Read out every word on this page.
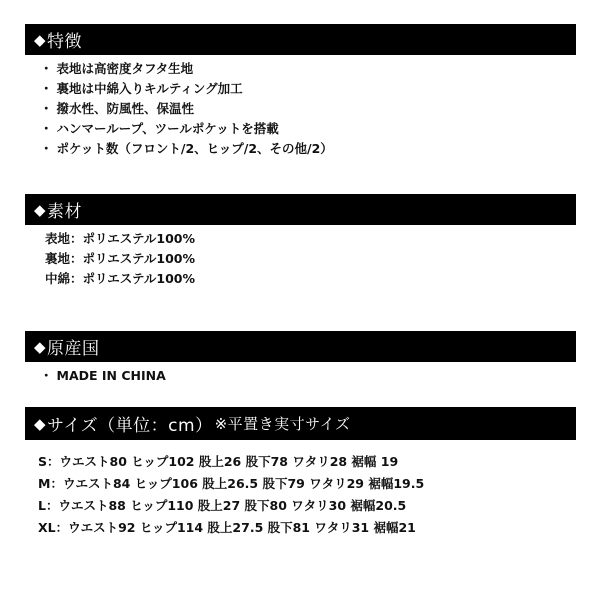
◆ 特徴
・ 表地は高密度タフタ生地
・ 裏地は中綿入りキルティング加工
・ 撥水性、防風性、保温性
・ ハンマーループ、ツールポケットを搭載
・ ポケット数（フロント/2、ヒップ/2、その他/2）
◆ 素材
表地：ポリエステル100%
裏地：ポリエステル100%
中綿：ポリエステル100%
◆ 原産国
・ MADE IN CHINA
◆ サイズ（単位：cm） ※平置き実寸サイズ
S：ウエスト80 ヒップ102 股上26 股下78 ワタリ28 裾幅 19
M：ウエスト84 ヒップ106 股上26.5 股下79 ワタリ29 裾幅19.5
L：ウエスト88 ヒップ110 股上27 股下80 ワタリ30 裾幅20.5
XL：ウエスト92 ヒップ114 股上27.5 股下81 ワタリ31 裾幅21
